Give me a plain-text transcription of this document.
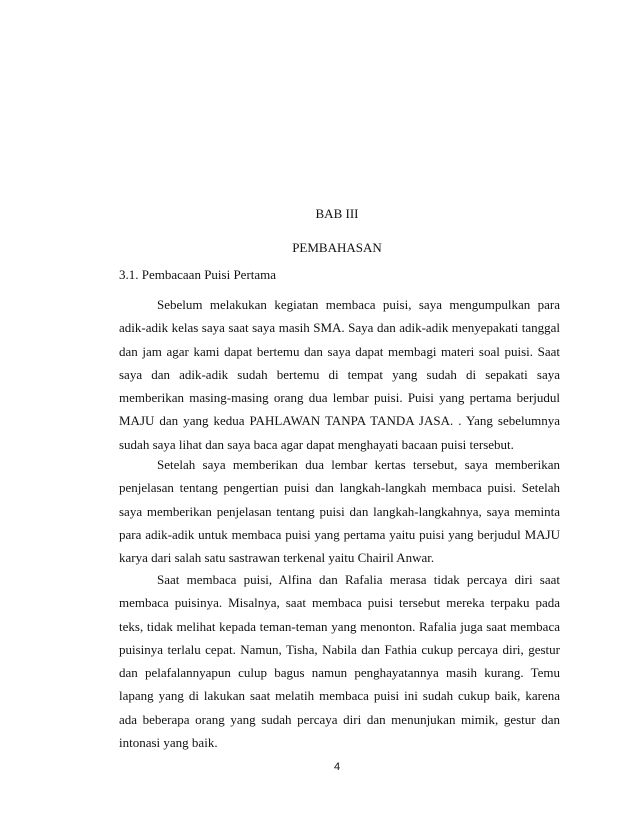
BAB III
PEMBAHASAN
3.1. Pembacaan Puisi Pertama

Sebelum melakukan kegiatan membaca puisi, saya mengumpulkan para adik-adik kelas saya saat saya masih SMA. Saya dan adik-adik menyepakati tanggal dan jam agar kami dapat bertemu dan saya dapat membagi materi soal puisi. Saat saya dan adik-adik sudah bertemu di tempat yang sudah di sepakati saya memberikan masing-masing orang dua lembar puisi. Puisi yang pertama berjudul MAJU dan yang kedua PAHLAWAN TANPA TANDA JASA. . Yang sebelumnya sudah saya lihat dan saya baca agar dapat menghayati bacaan puisi tersebut.

Setelah saya memberikan dua lembar kertas tersebut, saya memberikan penjelasan tentang pengertian puisi dan langkah-langkah membaca puisi. Setelah saya memberikan penjelasan tentang puisi dan langkah-langkahnya, saya meminta para adik-adik untuk membaca puisi yang pertama yaitu puisi yang berjudul MAJU karya dari salah satu sastrawan terkenal yaitu Chairil Anwar.

Saat membaca puisi, Alfina dan Rafalia merasa tidak percaya diri saat membaca puisinya. Misalnya, saat membaca puisi tersebut mereka terpaku pada teks, tidak melihat kepada teman-teman yang menonton. Rafalia juga saat membaca puisinya terlalu cepat. Namun, Tisha, Nabila dan Fathia cukup percaya diri, gestur dan pelafalannyapun culup bagus namun penghayatannya masih kurang. Temu lapang yang di lakukan saat melatih membaca puisi ini sudah cukup baik, karena ada beberapa orang yang sudah percaya diri dan menunjukan mimik, gestur dan intonasi yang baik.

4
